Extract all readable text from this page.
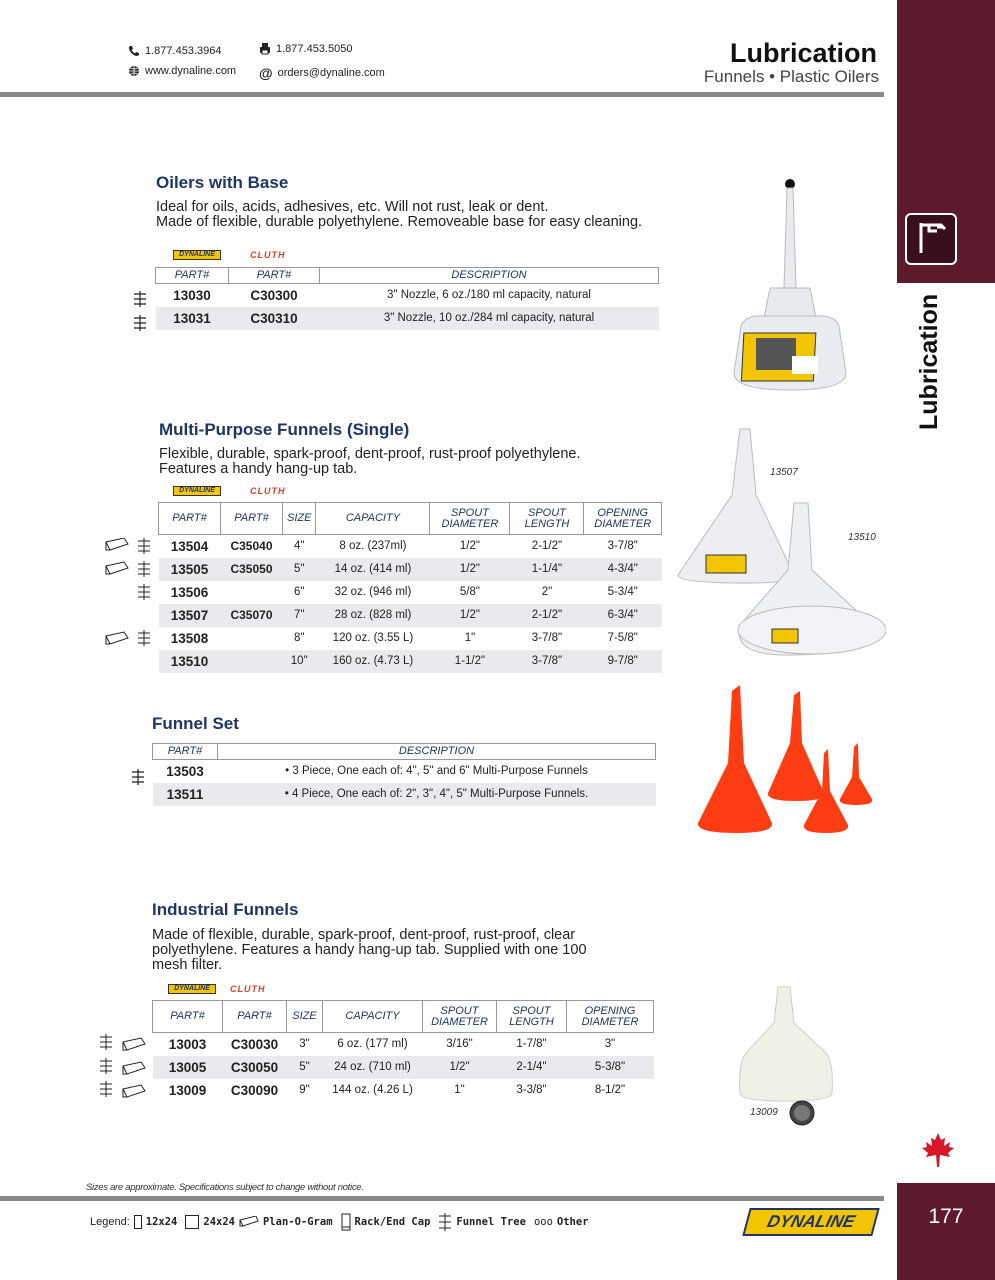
1.877.453.3964	1.877.453.5050
www.dynaline.com @ orders@dynaline.com
Lubrication
Funnels • Plastic Oilers
Lubrication
Oilers with Base
Ideal for oils, acids, adhesives, etc. Will not rust, leak or dent.
Made of flexible, durable polyethylene. Removeable base for easy cleaning.
DYNALINE	CLUTH
PART#	PART#	DESCRIPTION
13030	C30300	3" Nozzle, 6 oz./180 ml capacity, natural
13031	C30310	3" Nozzle, 10 oz./284 ml capacity, natural
Multi-Purpose Funnels (Single)
Flexible, durable, spark-proof, dent-proof, rust-proof polyethylene.
Features a handy hang-up tab.
DYNALINE	CLUTH
PART#	PART#	SIZE	CAPACITY	SPOUT DIAMETER	SPOUT LENGTH	OPENING DIAMETER
13504	C35040	4"	8 oz. (237ml)	1/2"	2-1/2"	3-7/8"
13505	C35050	5"	14 oz. (414 ml)	1/2"	1-1/4"	4-3/4"
13506		6"	32 oz. (946 ml)	5/8"	2"	5-3/4"
13507	C35070	7"	28 oz. (828 ml)	1/2"	2-1/2"	6-3/4"
13508		8"	120 oz. (3.55 L)	1"	3-7/8"	7-5/8"
13510		10"	160 oz. (4.73 L)	1-1/2"	3-7/8"	9-7/8"
13507
13510
Funnel Set
PART#	DESCRIPTION
13503	• 3 Piece, One each of: 4", 5" and 6" Multi-Purpose Funnels
13511	• 4 Piece, One each of: 2", 3", 4", 5" Multi-Purpose Funnels.
Industrial Funnels
Made of flexible, durable, spark-proof, dent-proof, rust-proof, clear
polyethylene. Features a handy hang-up tab. Supplied with one 100
mesh filter.
DYNALINE	CLUTH
PART#	PART#	SIZE	CAPACITY	SPOUT DIAMETER	SPOUT LENGTH	OPENING DIAMETER
13003	C30030	3"	6 oz. (177 ml)	3/16"	1-7/8"	3"
13005	C30050	5"	24 oz. (710 ml)	1/2"	2-1/4"	5-3/8"
13009	C30090	9"	144 oz. (4.26 L)	1"	3-3/8"	8-1/2"
13009
Sizes are approximate. Specifications subject to change without notice.
Legend: 12x24 24x24	Plan-O-Gram Rack/End Cap Funnel Tree ooo Other	DYNALINE	177
